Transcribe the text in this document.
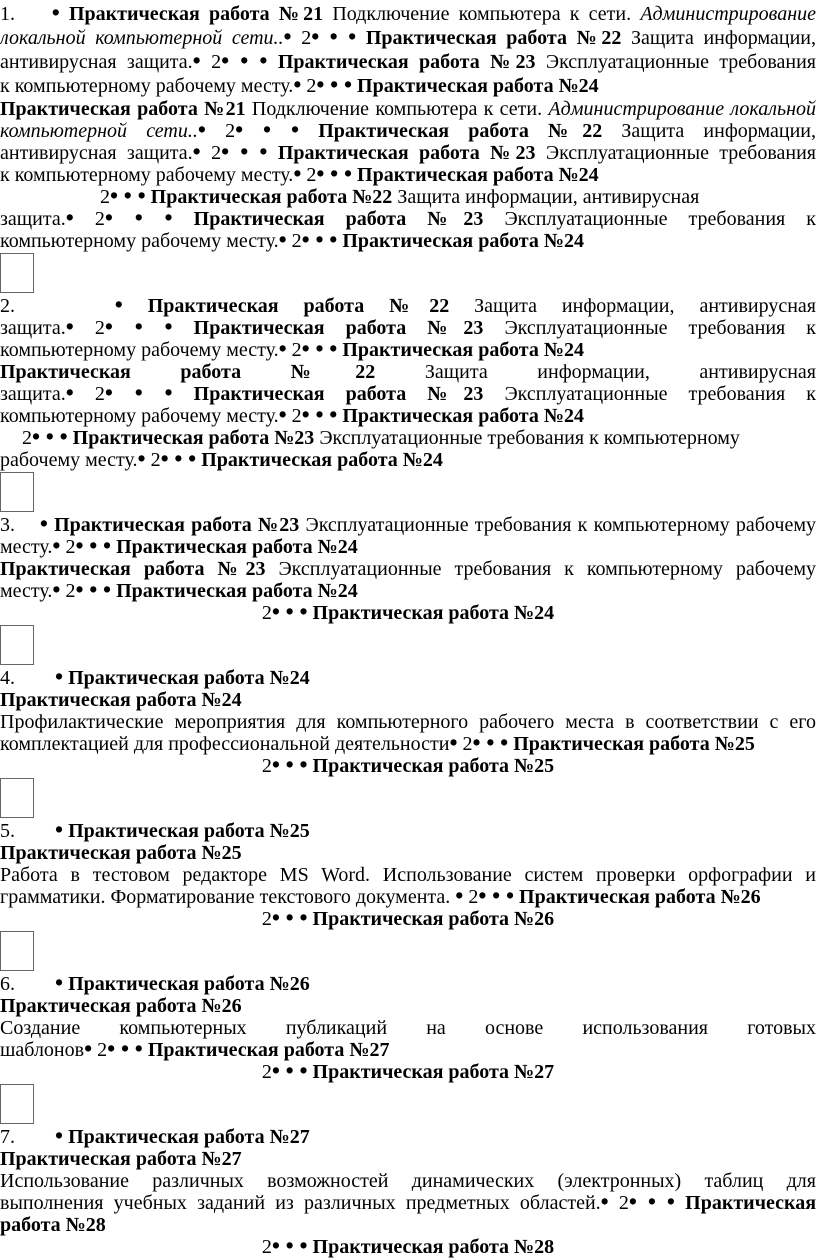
1.    • Практическая работа №21 Подключение компьютера к сети. Администрирование
локальной компьютерной сети..• 2• • • Практическая работа №22 Защита информации,
антивирусная защита.• 2• • • Практическая работа №23 Эксплуатационные требования
к компьютерному рабочему месту.• 2• • • Практическая работа №24
Практическая работа №21 Подключение компьютера к сети. Администрирование локальной
компьютерной сети..• 2• • • Практическая работа №22 Защита информации,
антивирусная защита.• 2• • • Практическая работа №23 Эксплуатационные требования
к компьютерному рабочему месту.• 2• • • Практическая работа №24
2• • • Практическая работа №22 Защита информации, антивирусная
защита.• 2• • • Практическая работа №23 Эксплуатационные требования к
компьютерному рабочему месту.• 2• • • Практическая работа №24
2.    • Практическая работа №22 Защита информации, антивирусная
защита.• 2• • • Практическая работа №23 Эксплуатационные требования к
компьютерному рабочему месту.• 2• • • Практическая работа №24
Практическая работа №22 Защита информации, антивирусная
защита.• 2• • • Практическая работа №23 Эксплуатационные требования к
компьютерному рабочему месту.• 2• • • Практическая работа №24
2• • • Практическая работа №23 Эксплуатационные требования к компьютерному
рабочему месту.• 2• • • Практическая работа №24
3.    • Практическая работа №23 Эксплуатационные требования к компьютерному рабочему
месту.• 2• • • Практическая работа №24
Практическая работа №23 Эксплуатационные требования к компьютерному рабочему
месту.• 2• • • Практическая работа №24
2• • • Практическая работа №24
4.        • Практическая работа №24
Практическая работа №24
Профилактические мероприятия для компьютерного рабочего места в соответствии с его
комплектацией для профессиональной деятельности• 2• • • Практическая работа №25
2• • • Практическая работа №25
5.        • Практическая работа №25
Практическая работа №25
Работа в тестовом редакторе MS Word. Использование систем проверки орфографии и
грамматики. Форматирование текстового документа. • 2• • • Практическая работа №26
2• • • Практическая работа №26
6.        • Практическая работа №26
Практическая работа №26
Создание компьютерных публикаций на основе использования готовых
шаблонов• 2• • • Практическая работа №27
2• • • Практическая работа №27
7.        • Практическая работа №27
Практическая работа №27
Использование различных возможностей динамических (электронных) таблиц для
выполнения учебных заданий из различных предметных областей.• 2• • • Практическая
работа №28
2• • • Практическая работа №28
